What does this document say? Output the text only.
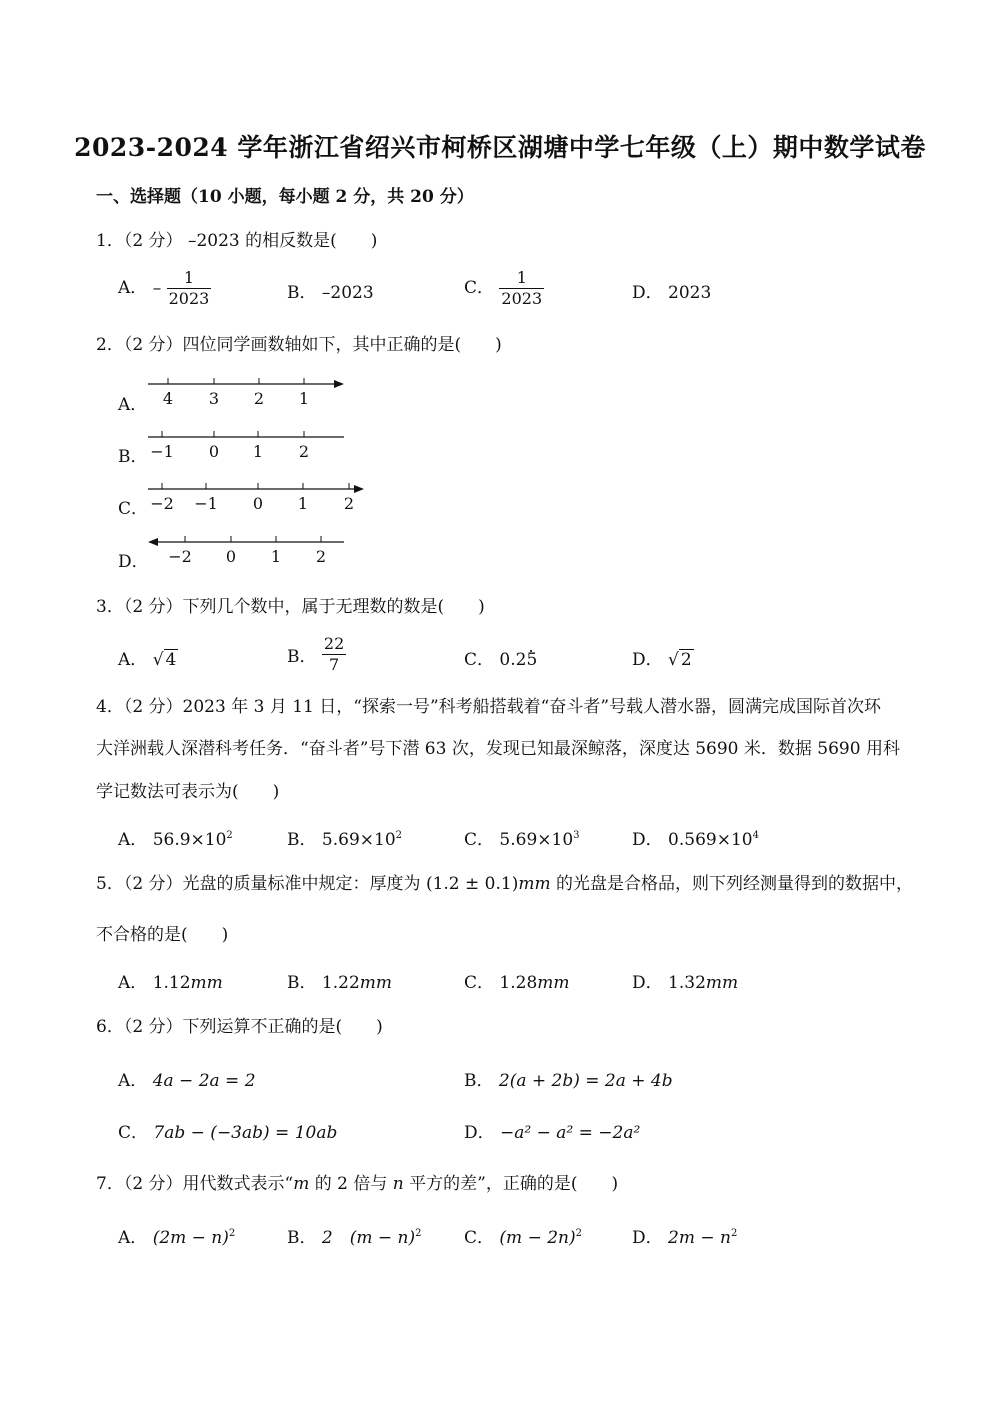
2023-2024 学年浙江省绍兴市柯桥区湖塘中学七年级（上）期中数学试卷
一、选择题（10 小题，每小题 2 分，共 20 分）
1．（2 分） –2023 的相反数是(　　)
A． – $\frac{1}{2023}$	B． –2023	C． $\frac{1}{2023}$	D． 2023
2．（2 分）四位同学画数轴如下，其中正确的是(　　)
A． 4 3 2 1
B． −1 0 1 2
C． −2 −1 0 1 2
D． −2 0 1 2
3．（2 分）下列几个数中，属于无理数的数是(　　)
A． √ 4	B． $\frac{22}{7}$	C． 0.2. 5	D． √ 2
4．（2 分）2023 年 3 月 11 日，“探索一号”科考船搭载着“奋斗者”号载人潜水器，圆满完成国际首次环
大洋洲载人深潜科考任务．“奋斗者”号下潜 63 次，发现已知最深鲸落，深度达 5690 米．数据 5690 用科
学记数法可表示为(　　)
A． $56.9\times 10^2$	B． $5.69\times 10^2$	C． $5.69\times 10^3$	D． $0.569\times 10^4$
5．（2 分）光盘的质量标准中规定：厚度为 (1.2 ± 0.1)mm 的光盘是合格品，则下列经测量得到的数据中，
不合格的是(　　)
A． 1.12mm	B． 1.22mm	C． 1.28mm	D． 1.32mm
6．（2 分）下列运算不正确的是(　　)
A． 4a − 2a = 2	B． 2(a + 2b) = 2a + 4b
C． 7ab − (−3ab) = 10ab	D． −a² − a² = −2a²
7．（2 分）用代数式表示“m 的 2 倍与 n 平方的差”，正确的是(　　)
A． $(2m - n)^2$	B． 2　$(m - n)^2$	C． $(m - 2n)^2$	D． $2m - n^2$
